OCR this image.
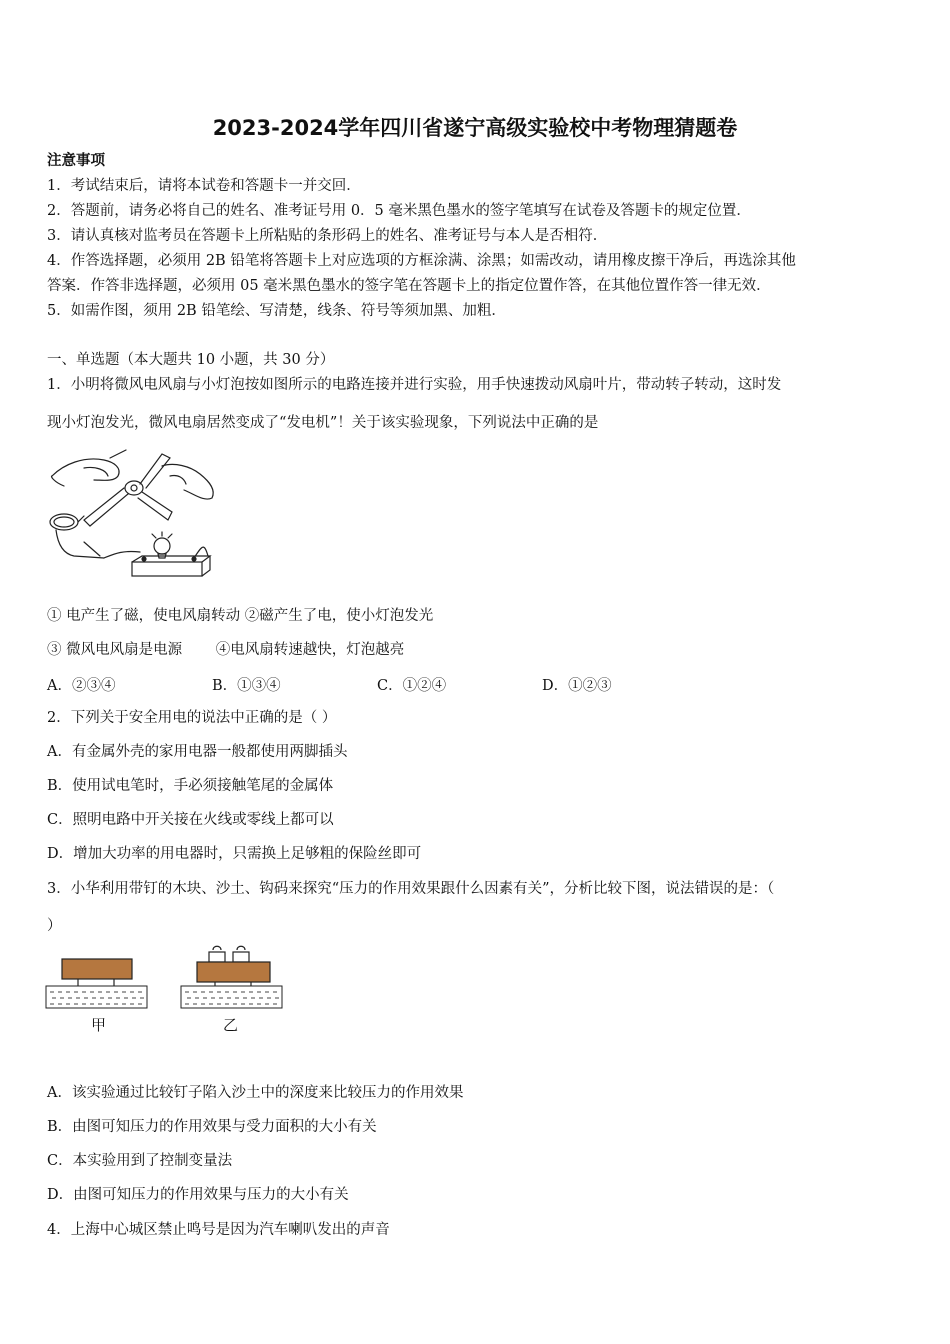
2023-2024学年四川省遂宁高级实验校中考物理猜题卷
注意事项
1．考试结束后，请将本试卷和答题卡一并交回．
2．答题前，请务必将自己的姓名、准考证号用 0．5 毫米黑色墨水的签字笔填写在试卷及答题卡的规定位置．
3．请认真核对监考员在答题卡上所粘贴的条形码上的姓名、准考证号与本人是否相符．
4．作答选择题，必须用 2B 铅笔将答题卡上对应选项的方框涂满、涂黑；如需改动，请用橡皮擦干净后，再选涂其他
答案．作答非选择题，必须用 05 毫米黑色墨水的签字笔在答题卡上的指定位置作答，在其他位置作答一律无效．
5．如需作图，须用 2B 铅笔绘、写清楚，线条、符号等须加黑、加粗．
一、单选题（本大题共 10 小题，共 30 分）
1．小明将微风电风扇与小灯泡按如图所示的电路连接并进行实验，用手快速拨动风扇叶片，带动转子转动，这时发
现小灯泡发光，微风电扇居然变成了“发电机”！关于该实验现象，下列说法中正确的是
① 电产生了磁，使电风扇转动 ②磁产生了电，使小灯泡发光
③ 微风电风扇是电源　　 ④电风扇转速越快，灯泡越亮
A．②③④	B．①③④	C．①②④	D．①②③
2．下列关于安全用电的说法中正确的是（ ）
A．有金属外壳的家用电器一般都使用两脚插头
B．使用试电笔时，手必须接触笔尾的金属体
C．照明电路中开关接在火线或零线上都可以
D．增加大功率的用电器时，只需换上足够粗的保险丝即可
3．小华利用带钉的木块、沙土、钩码来探究“压力的作用效果跟什么因素有关”，分析比较下图，说法错误的是：（
）
甲	乙
A．该实验通过比较钉子陷入沙土中的深度来比较压力的作用效果
B．由图可知压力的作用效果与受力面积的大小有关
C．本实验用到了控制变量法
D．由图可知压力的作用效果与压力的大小有关
4．上海中心城区禁止鸣号是因为汽车喇叭发出的声音
